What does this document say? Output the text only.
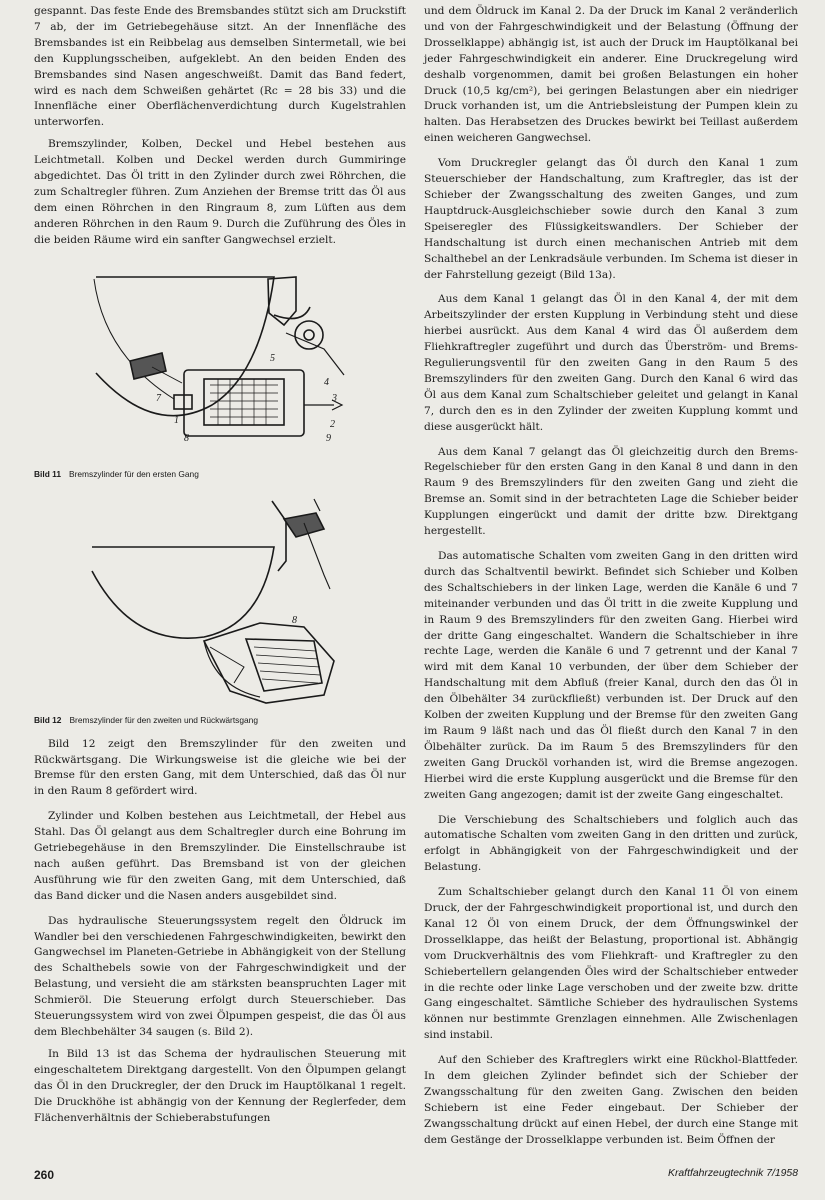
gespannt. Das feste Ende des Bremsbandes stützt sich am Druckstift 7 ab, der im Getriebegehäuse sitzt. An der Innenfläche des Bremsbandes ist ein Reibbelag aus demselben Sintermetall, wie bei den Kupplungsscheiben, aufgeklebt. An den beiden Enden des Bremsbandes sind Nasen angeschweißt. Damit das Band federt, wird es nach dem Schweißen gehärtet (Rc = 28 bis 33) und die Innenfläche einer Oberflächenverdichtung durch Kugelstrahlen unterworfen.

Bremszylinder, Kolben, Deckel und Hebel bestehen aus Leichtmetall. Kolben und Deckel werden durch Gummiringe abgedichtet. Das Öl tritt in den Zylinder durch zwei Röhrchen, die zum Schaltregler führen. Zum Anziehen der Bremse tritt das Öl aus dem einen Röhrchen in den Ringraum 8, zum Lüften aus dem anderen Röhrchen in den Raum 9. Durch die Zuführung des Öles in die beiden Räume wird ein sanfter Gangwechsel erzielt.

5
4
3
7
1
8
2
9
Bild 11 Bremszylinder für den ersten Gang
8
Bild 12 Bremszylinder für den zweiten und Rückwärtsgang

Bild 12 zeigt den Bremszylinder für den zweiten und Rückwärtsgang. Die Wirkungsweise ist die gleiche wie bei der Bremse für den ersten Gang, mit dem Unterschied, daß das Öl nur in den Raum 8 gefördert wird.

Zylinder und Kolben bestehen aus Leichtmetall, der Hebel aus Stahl. Das Öl gelangt aus dem Schaltregler durch eine Bohrung im Getriebegehäuse in den Bremszylinder. Die Einstellschraube ist nach außen geführt. Das Bremsband ist von der gleichen Ausführung wie für den zweiten Gang, mit dem Unterschied, daß das Band dicker und die Nasen anders ausgebildet sind.

Das hydraulische Steuerungssystem regelt den Öldruck im Wandler bei den verschiedenen Fahrgeschwindigkeiten, bewirkt den Gangwechsel im Planeten-Getriebe in Abhängigkeit von der Stellung des Schalthebels sowie von der Fahrgeschwindigkeit und der Belastung, und versieht die am stärksten beanspruchten Lager mit Schmieröl. Die Steuerung erfolgt durch Steuerschieber. Das Steuerungssystem wird von zwei Ölpumpen gespeist, die das Öl aus dem Blechbehälter 34 saugen (s. Bild 2).

In Bild 13 ist das Schema der hydraulischen Steuerung mit eingeschaltetem Direktgang dargestellt. Von den Ölpumpen gelangt das Öl in den Druckregler, der den Druck im Hauptölkanal 1 regelt. Die Druckhöhe ist abhängig von der Kennung der Reglerfeder, dem Flächenverhältnis der Schieberabstufungen

und dem Öldruck im Kanal 2. Da der Druck im Kanal 2 veränderlich und von der Fahrgeschwindigkeit und der Belastung (Öffnung der Drosselklappe) abhängig ist, ist auch der Druck im Hauptölkanal bei jeder Fahrgeschwindigkeit ein anderer. Eine Druckregelung wird deshalb vorgenommen, damit bei großen Belastungen ein hoher Druck (10,5 kg/cm²), bei geringen Belastungen aber ein niedriger Druck vorhanden ist, um die Antriebsleistung der Pumpen klein zu halten. Das Herabsetzen des Druckes bewirkt bei Teillast außerdem einen weicheren Gangwechsel.

Vom Druckregler gelangt das Öl durch den Kanal 1 zum Steuerschieber der Handschaltung, zum Kraftregler, das ist der Schieber der Zwangsschaltung des zweiten Ganges, und zum Hauptdruck-Ausgleichschieber sowie durch den Kanal 3 zum Speiseregler des Flüssigkeitswandlers. Der Schieber der Handschaltung ist durch einen mechanischen Antrieb mit dem Schalthebel an der Lenkradsäule verbunden. Im Schema ist dieser in der Fahrstellung gezeigt (Bild 13a).

Aus dem Kanal 1 gelangt das Öl in den Kanal 4, der mit dem Arbeitszylinder der ersten Kupplung in Verbindung steht und diese hierbei ausrückt. Aus dem Kanal 4 wird das Öl außerdem dem Fliehkraftregler zugeführt und durch das Überström- und Brems-Regulierungsventil für den zweiten Gang in den Raum 5 des Bremszylinders für den zweiten Gang. Durch den Kanal 6 wird das Öl aus dem Kanal zum Schaltschieber geleitet und gelangt in Kanal 7, durch den es in den Zylinder der zweiten Kupplung kommt und diese ausgerückt hält.

Aus dem Kanal 7 gelangt das Öl gleichzeitig durch den Brems-Regelschieber für den ersten Gang in den Kanal 8 und dann in den Raum 9 des Bremszylinders für den zweiten Gang und zieht die Bremse an. Somit sind in der betrachteten Lage die Schieber beider Kupplungen eingerückt und damit der dritte bzw. Direktgang hergestellt.

Das automatische Schalten vom zweiten Gang in den dritten wird durch das Schaltventil bewirkt. Befindet sich Schieber und Kolben des Schaltschiebers in der linken Lage, werden die Kanäle 6 und 7 miteinander verbunden und das Öl tritt in die zweite Kupplung und in Raum 9 des Bremszylinders für den zweiten Gang. Hierbei wird der dritte Gang eingeschaltet. Wandern die Schaltschieber in ihre rechte Lage, werden die Kanäle 6 und 7 getrennt und der Kanal 7 wird mit dem Kanal 10 verbunden, der über dem Schieber der Handschaltung mit dem Abfluß (freier Kanal, durch den das Öl in den Ölbehälter 34 zurückfließt) verbunden ist. Der Druck auf den Kolben der zweiten Kupplung und der Bremse für den zweiten Gang im Raum 9 läßt nach und das Öl fließt durch den Kanal 7 in den Ölbehälter zurück. Da im Raum 5 des Bremszylinders für den zweiten Gang Drucköl vorhanden ist, wird die Bremse angezogen. Hierbei wird die erste Kupplung ausgerückt und die Bremse für den zweiten Gang angezogen; damit ist der zweite Gang eingeschaltet.

Die Verschiebung des Schaltschiebers und folglich auch das automatische Schalten vom zweiten Gang in den dritten und zurück, erfolgt in Abhängigkeit von der Fahrgeschwindigkeit und der Belastung.

Zum Schaltschieber gelangt durch den Kanal 11 Öl von einem Druck, der der Fahrgeschwindigkeit proportional ist, und durch den Kanal 12 Öl von einem Druck, der dem Öffnungswinkel der Drosselklappe, das heißt der Belastung, proportional ist. Abhängig vom Druckverhältnis des vom Fliehkraft- und Kraftregler zu den Schiebertellern gelangenden Öles wird der Schaltschieber entweder in die rechte oder linke Lage verschoben und der zweite bzw. dritte Gang eingeschaltet. Sämtliche Schieber des hydraulischen Systems können nur bestimmte Grenzlagen einnehmen. Alle Zwischenlagen sind instabil.

Auf den Schieber des Kraftreglers wirkt eine Rückhol-Blattfeder. In dem gleichen Zylinder befindet sich der Schieber der Zwangsschaltung für den zweiten Gang. Zwischen den beiden Schiebern ist eine Feder eingebaut. Der Schieber der Zwangsschaltung drückt auf einen Hebel, der durch eine Stange mit dem Gestänge der Drosselklappe verbunden ist. Beim Öffnen der

260	Kraftfahrzeugtechnik 7/1958
